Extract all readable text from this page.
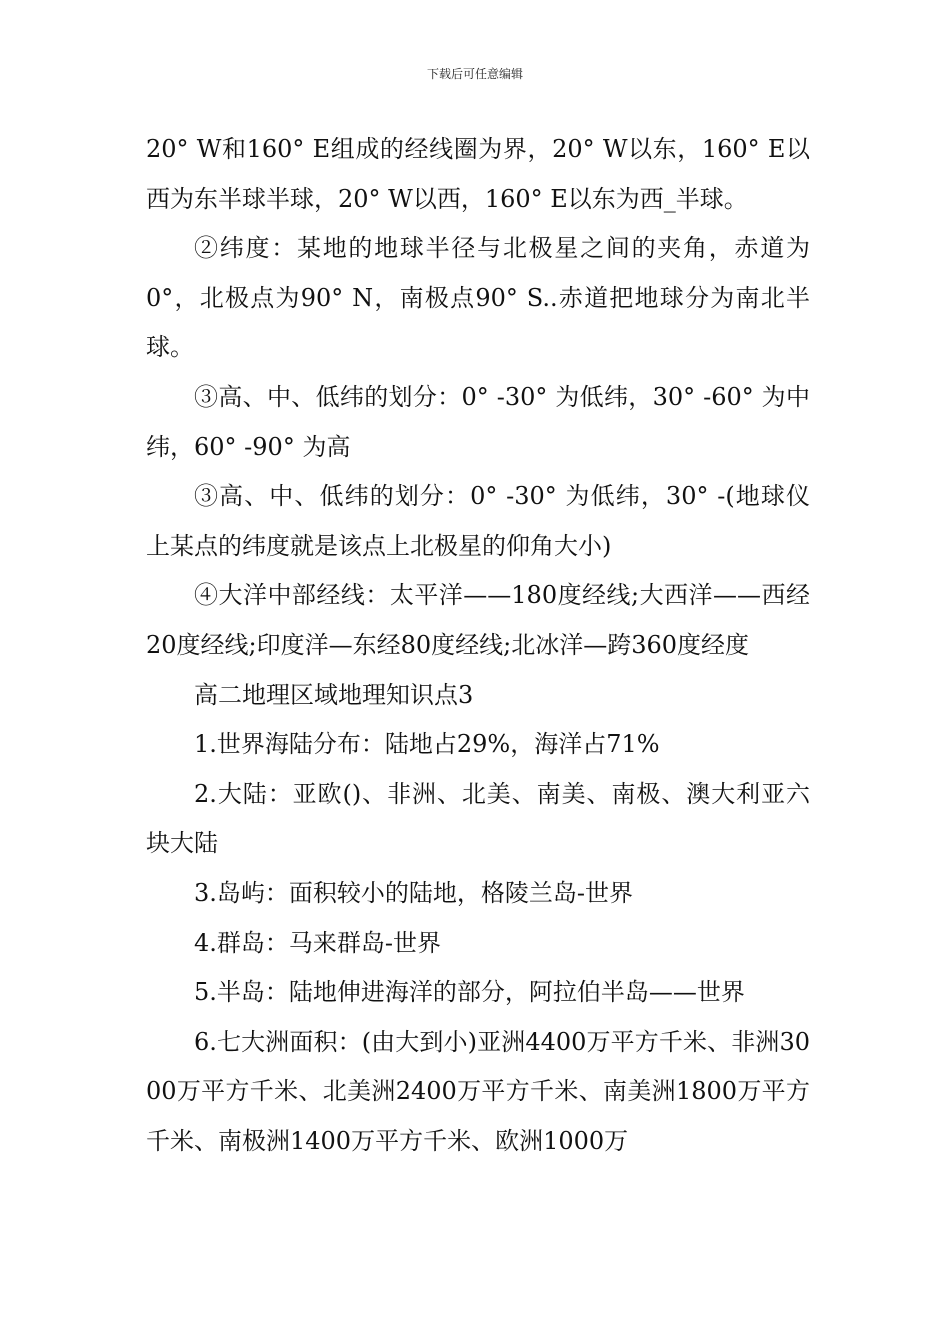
下载后可任意编辑

20° W和160° E组成的经线圈为界，20° W以东，160° E以西为东半球半球，20° W以西，160° E以东为西_半球。

②纬度：某地的地球半径与北极星之间的夹角，赤道为0°，北极点为90° N，南极点90° S..赤道把地球分为南北半球。

③高、中、低纬的划分：0° -30° 为低纬，30° -60° 为中纬，60° -90° 为高

③高、中、低纬的划分：0° -30° 为低纬，30° -(地球仪上某点的纬度就是该点上北极星的仰角大小)

④大洋中部经线：太平洋——180度经线;大西洋——西经20度经线;印度洋—东经80度经线;北冰洋—跨360度经度

高二地理区域地理知识点3

1.世界海陆分布：陆地占29%，海洋占71%

2.大陆：亚欧()、非洲、北美、南美、南极、澳大利亚六块大陆

3.岛屿：面积较小的陆地，格陵兰岛-世界

4.群岛：马来群岛-世界

5.半岛：陆地伸进海洋的部分，阿拉伯半岛——世界

6.七大洲面积：(由大到小)亚洲4400万平方千米、非洲3000万平方千米、北美洲2400万平方千米、南美洲1800万平方千米、南极洲1400万平方千米、欧洲1000万
